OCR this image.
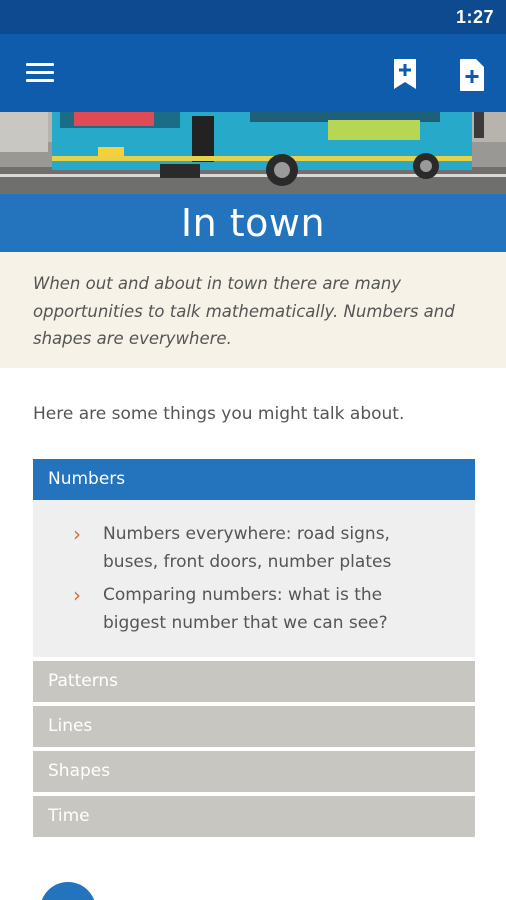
1:27
In town

When out and about in town there are many opportunities to talk mathematically. Numbers and shapes are everywhere.

Here are some things you might talk about.

Numbers
›	Numbers everywhere: road signs, buses, front doors, number plates
›	Comparing numbers: what is the biggest number that we can see?
Patterns
Lines
Shapes
Time
